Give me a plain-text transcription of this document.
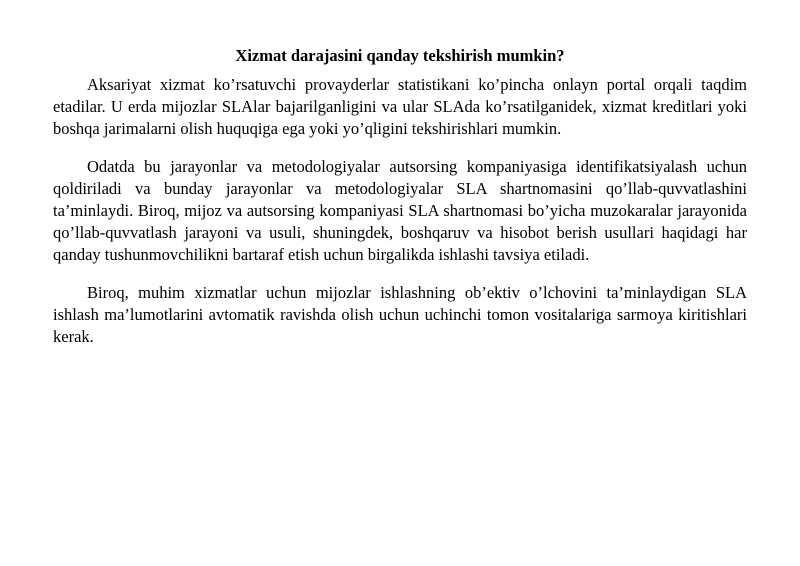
Xizmat darajasini qanday tekshirish mumkin?

Aksariyat xizmat ko’rsatuvchi provayderlar statistikani ko’pincha onlayn portal orqali taqdim etadilar. U erda mijozlar SLAlar bajarilganligini va ular SLAda ko’rsatilganidek, xizmat kreditlari yoki boshqa jarimalarni olish huquqiga ega yoki yo’qligini tekshirishlari mumkin.

Odatda bu jarayonlar va metodologiyalar autsorsing kompaniyasiga identifikatsiyalash uchun qoldiriladi va bunday jarayonlar va metodologiyalar SLA shartnomasini qo’llab-quvvatlashini ta’minlaydi. Biroq, mijoz va autsorsing kompaniyasi SLA shartnomasi bo’yicha muzokaralar jarayonida qo’llab-quvvatlash jarayoni va usuli, shuningdek, boshqaruv va hisobot berish usullari haqidagi har qanday tushunmovchilikni bartaraf etish uchun birgalikda ishlashi tavsiya etiladi.

Biroq, muhim xizmatlar uchun mijozlar ishlashning ob’ektiv o’lchovini ta’minlaydigan SLA ishlash ma’lumotlarini avtomatik ravishda olish uchun uchinchi tomon vositalariga sarmoya kiritishlari kerak.
